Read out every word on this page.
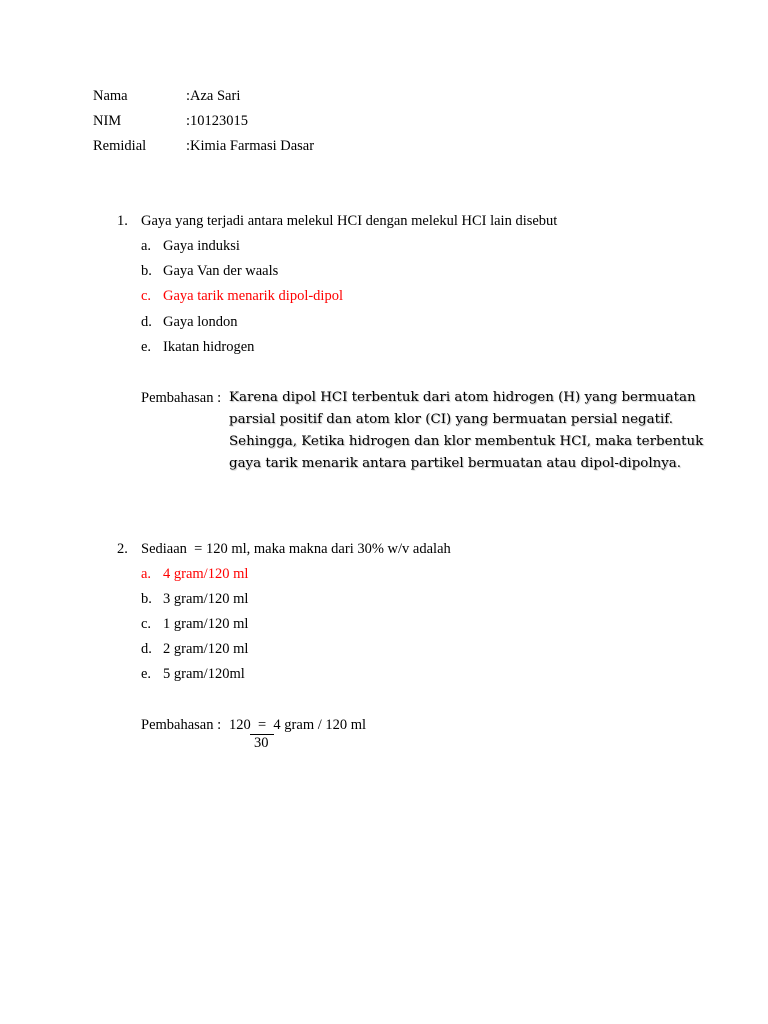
Nama	:Aza Sari
NIM	:10123015
Remidial	:Kimia Farmasi Dasar
1. Gaya yang terjadi antara melekul HCI dengan melekul HCI lain disebut
a. Gaya induksi
b. Gaya Van der waals
c. Gaya tarik menarik dipol-dipol
d. Gaya london
e. Ikatan hidrogen
Pembahasan : Karena dipol HCI terbentuk dari atom hidrogen (H) yang bermuatan
parsial positif dan atom klor (CI) yang bermuatan persial negatif.
Sehingga, Ketika hidrogen dan klor membentuk HCI, maka terbentuk
gaya tarik menarik antara partikel bermuatan atau dipol-dipolnya.
2. Sediaan  = 120 ml, maka makna dari 30% w/v adalah
a. 4 gram/120 ml
b. 3 gram/120 ml
c. 1 gram/120 ml
d. 2 gram/120 ml
e. 5 gram/120ml
Pembahasan : 120 =  4 gram / 120 ml
30
